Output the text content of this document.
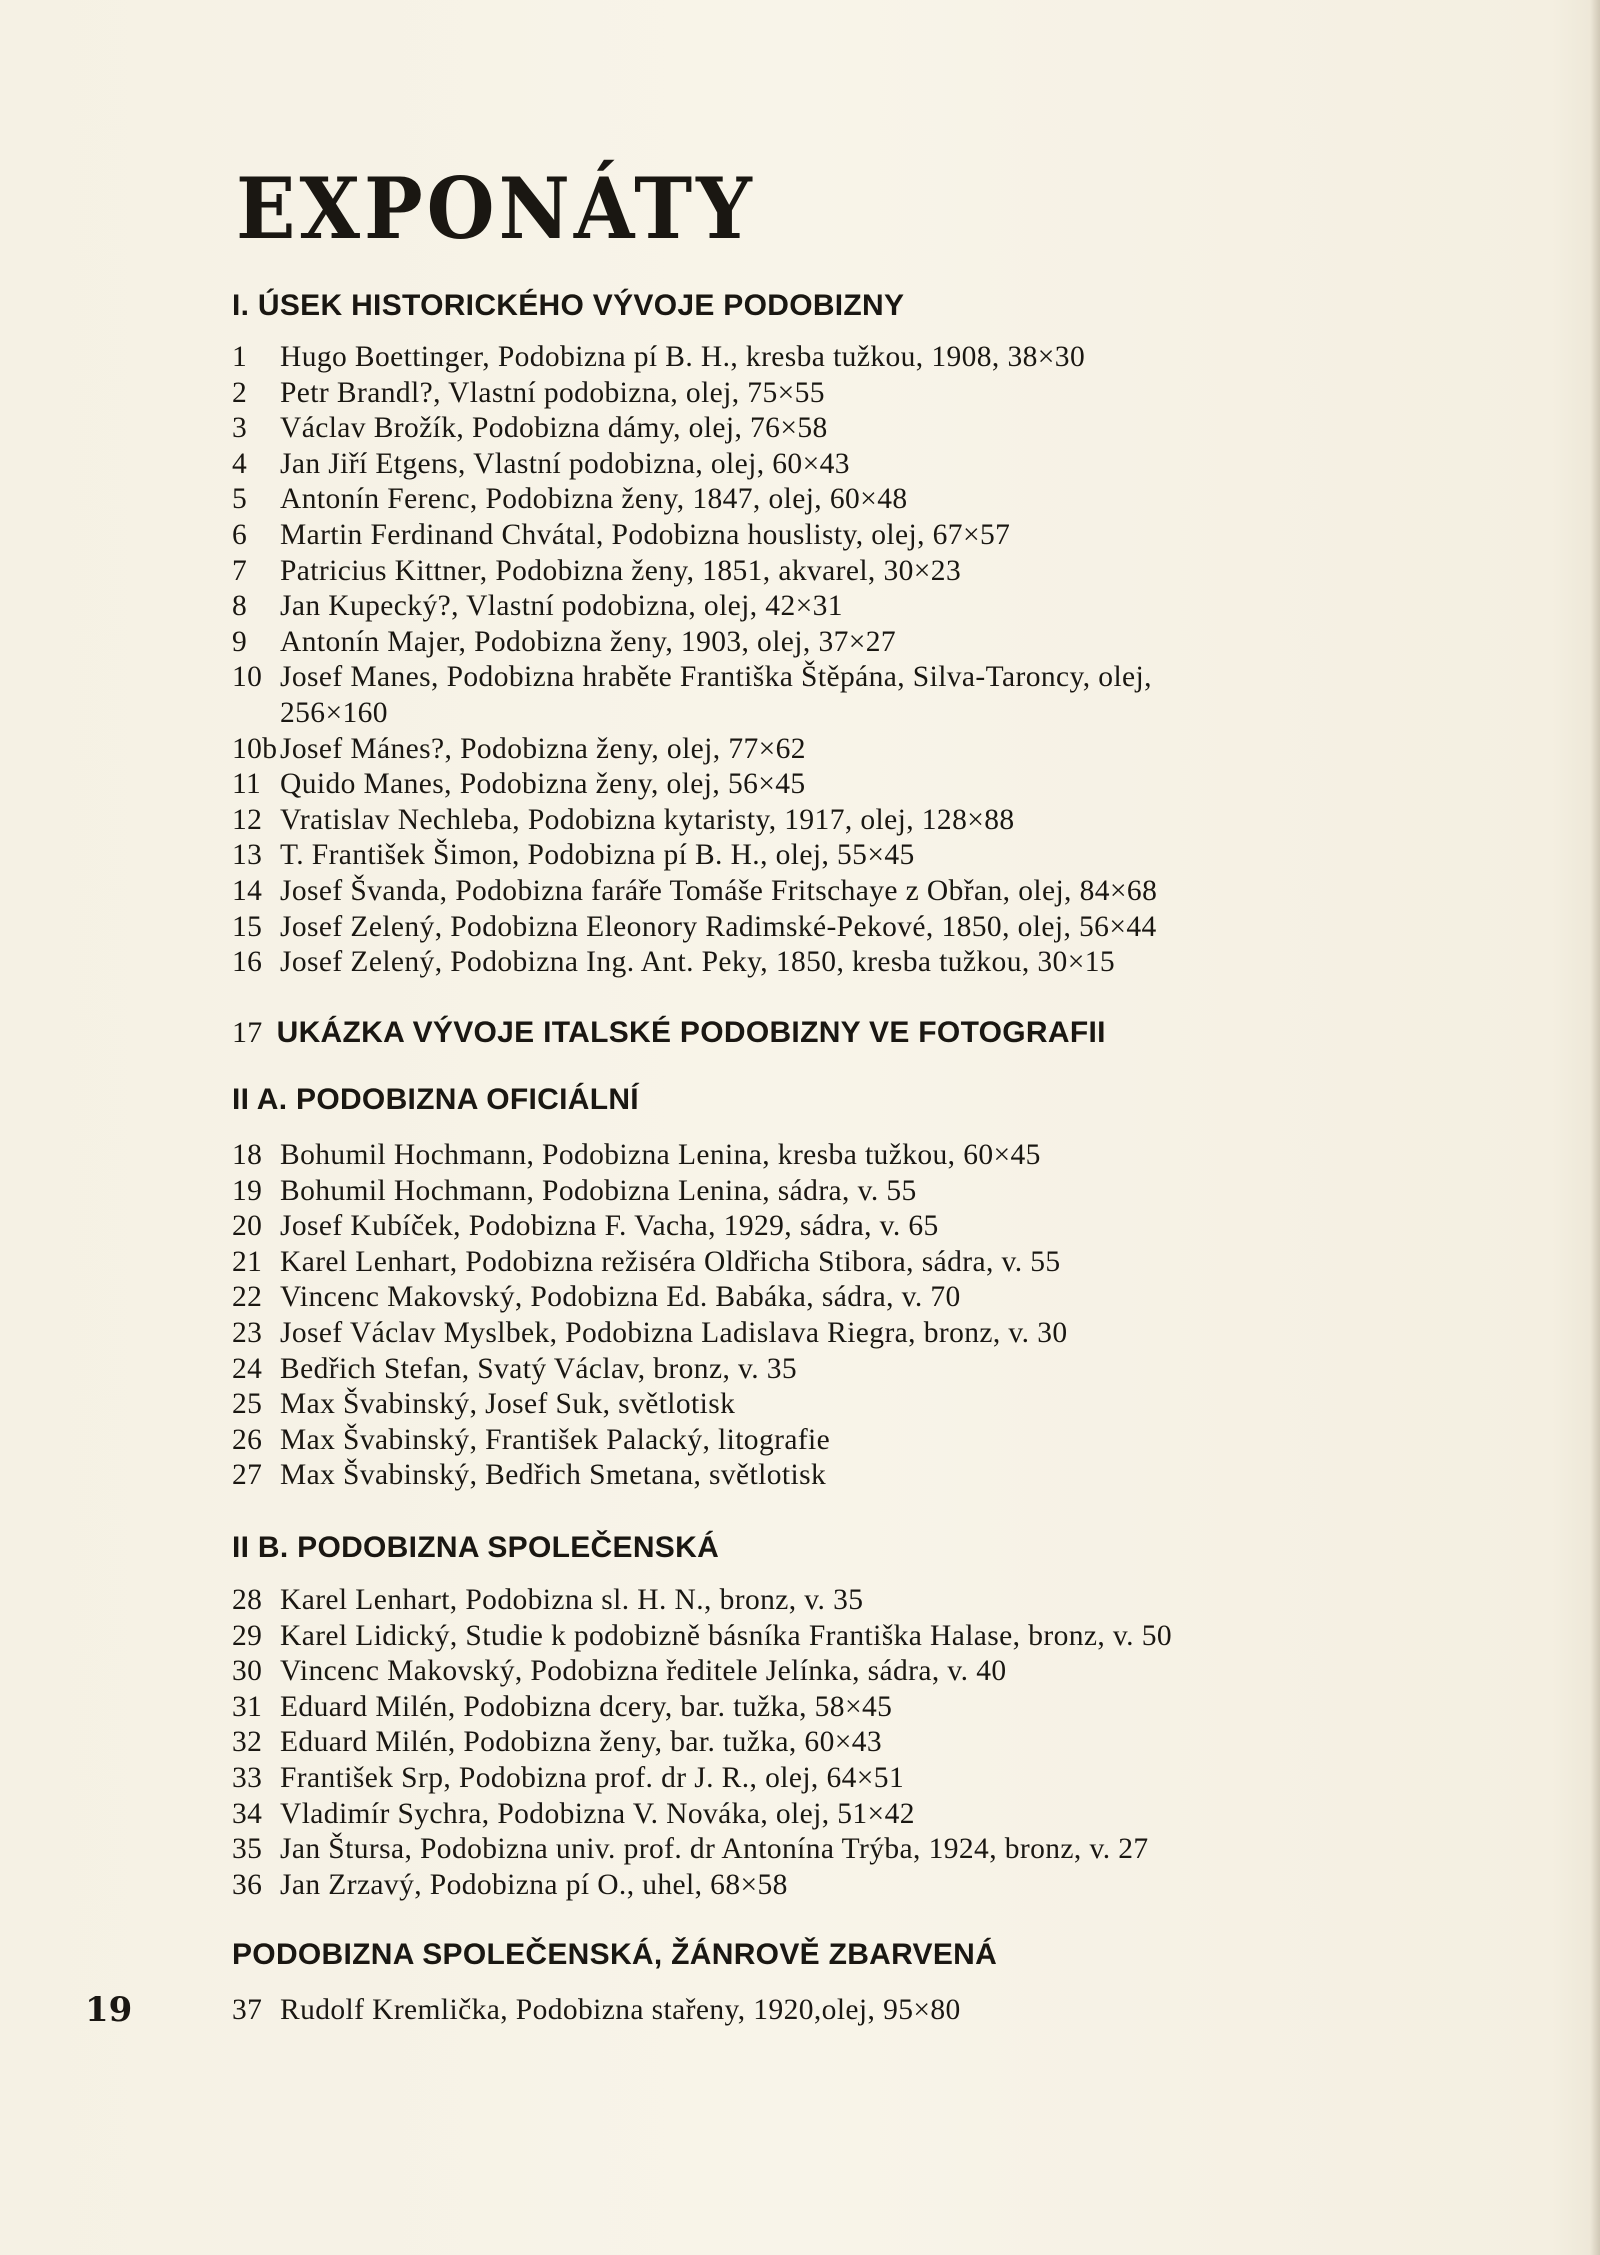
EXPONÁTY
I. ÚSEK HISTORICKÉHO VÝVOJE PODOBIZNY
1	Hugo Boettinger, Podobizna pí B. H., kresba tužkou, 1908, 38×30
2	Petr Brandl?, Vlastní podobizna, olej, 75×55
3	Václav Brožík, Podobizna dámy, olej, 76×58
4	Jan Jiří Etgens, Vlastní podobizna, olej, 60×43
5	Antonín Ferenc, Podobizna ženy, 1847, olej, 60×48
6	Martin Ferdinand Chvátal, Podobizna houslisty, olej, 67×57
7	Patricius Kittner, Podobizna ženy, 1851, akvarel, 30×23
8	Jan Kupecký?, Vlastní podobizna, olej, 42×31
9	Antonín Majer, Podobizna ženy, 1903, olej, 37×27
10 Josef Manes, Podobizna hraběte Františka Štěpána, Silva-Taroncy, olej,
256×160
10b Josef Mánes?, Podobizna ženy, olej, 77×62
11 Quido Manes, Podobizna ženy, olej, 56×45
12 Vratislav Nechleba, Podobizna kytaristy, 1917, olej, 128×88
13 T. František Šimon, Podobizna pí B. H., olej, 55×45
14 Josef Švanda, Podobizna faráře Tomáše Fritschaye z Obřan, olej, 84×68
15 Josef Zelený, Podobizna Eleonory Radimské-Pekové, 1850, olej, 56×44
16 Josef Zelený, Podobizna Ing. Ant. Peky, 1850, kresba tužkou, 30×15
17 UKÁZKA VÝVOJE ITALSKÉ PODOBIZNY VE FOTOGRAFII
II A. PODOBIZNA OFICIÁLNÍ
18 Bohumil Hochmann, Podobizna Lenina, kresba tužkou, 60×45
19 Bohumil Hochmann, Podobizna Lenina, sádra, v. 55
20 Josef Kubíček, Podobizna F. Vacha, 1929, sádra, v. 65
21 Karel Lenhart, Podobizna režiséra Oldřicha Stibora, sádra, v. 55
22 Vincenc Makovský, Podobizna Ed. Babáka, sádra, v. 70
23 Josef Václav Myslbek, Podobizna Ladislava Riegra, bronz, v. 30
24 Bedřich Stefan, Svatý Václav, bronz, v. 35
25 Max Švabinský, Josef Suk, světlotisk
26 Max Švabinský, František Palacký, litografie
27 Max Švabinský, Bedřich Smetana, světlotisk
II B. PODOBIZNA SPOLEČENSKÁ
28 Karel Lenhart, Podobizna sl. H. N., bronz, v. 35
29 Karel Lidický, Studie k podobizně básníka Františka Halase, bronz, v. 50
30 Vincenc Makovský, Podobizna ředitele Jelínka, sádra, v. 40
31 Eduard Milén, Podobizna dcery, bar. tužka, 58×45
32 Eduard Milén, Podobizna ženy, bar. tužka, 60×43
33 František Srp, Podobizna prof. dr J. R., olej, 64×51
34 Vladimír Sychra, Podobizna V. Nováka, olej, 51×42
35 Jan Štursa, Podobizna univ. prof. dr Antonína Trýba, 1924, bronz, v. 27
36 Jan Zrzavý, Podobizna pí O., uhel, 68×58
PODOBIZNA SPOLEČENSKÁ, ŽÁNROVĚ ZBARVENÁ
37 Rudolf Kremlička, Podobizna stařeny, 1920,olej, 95×80
19
